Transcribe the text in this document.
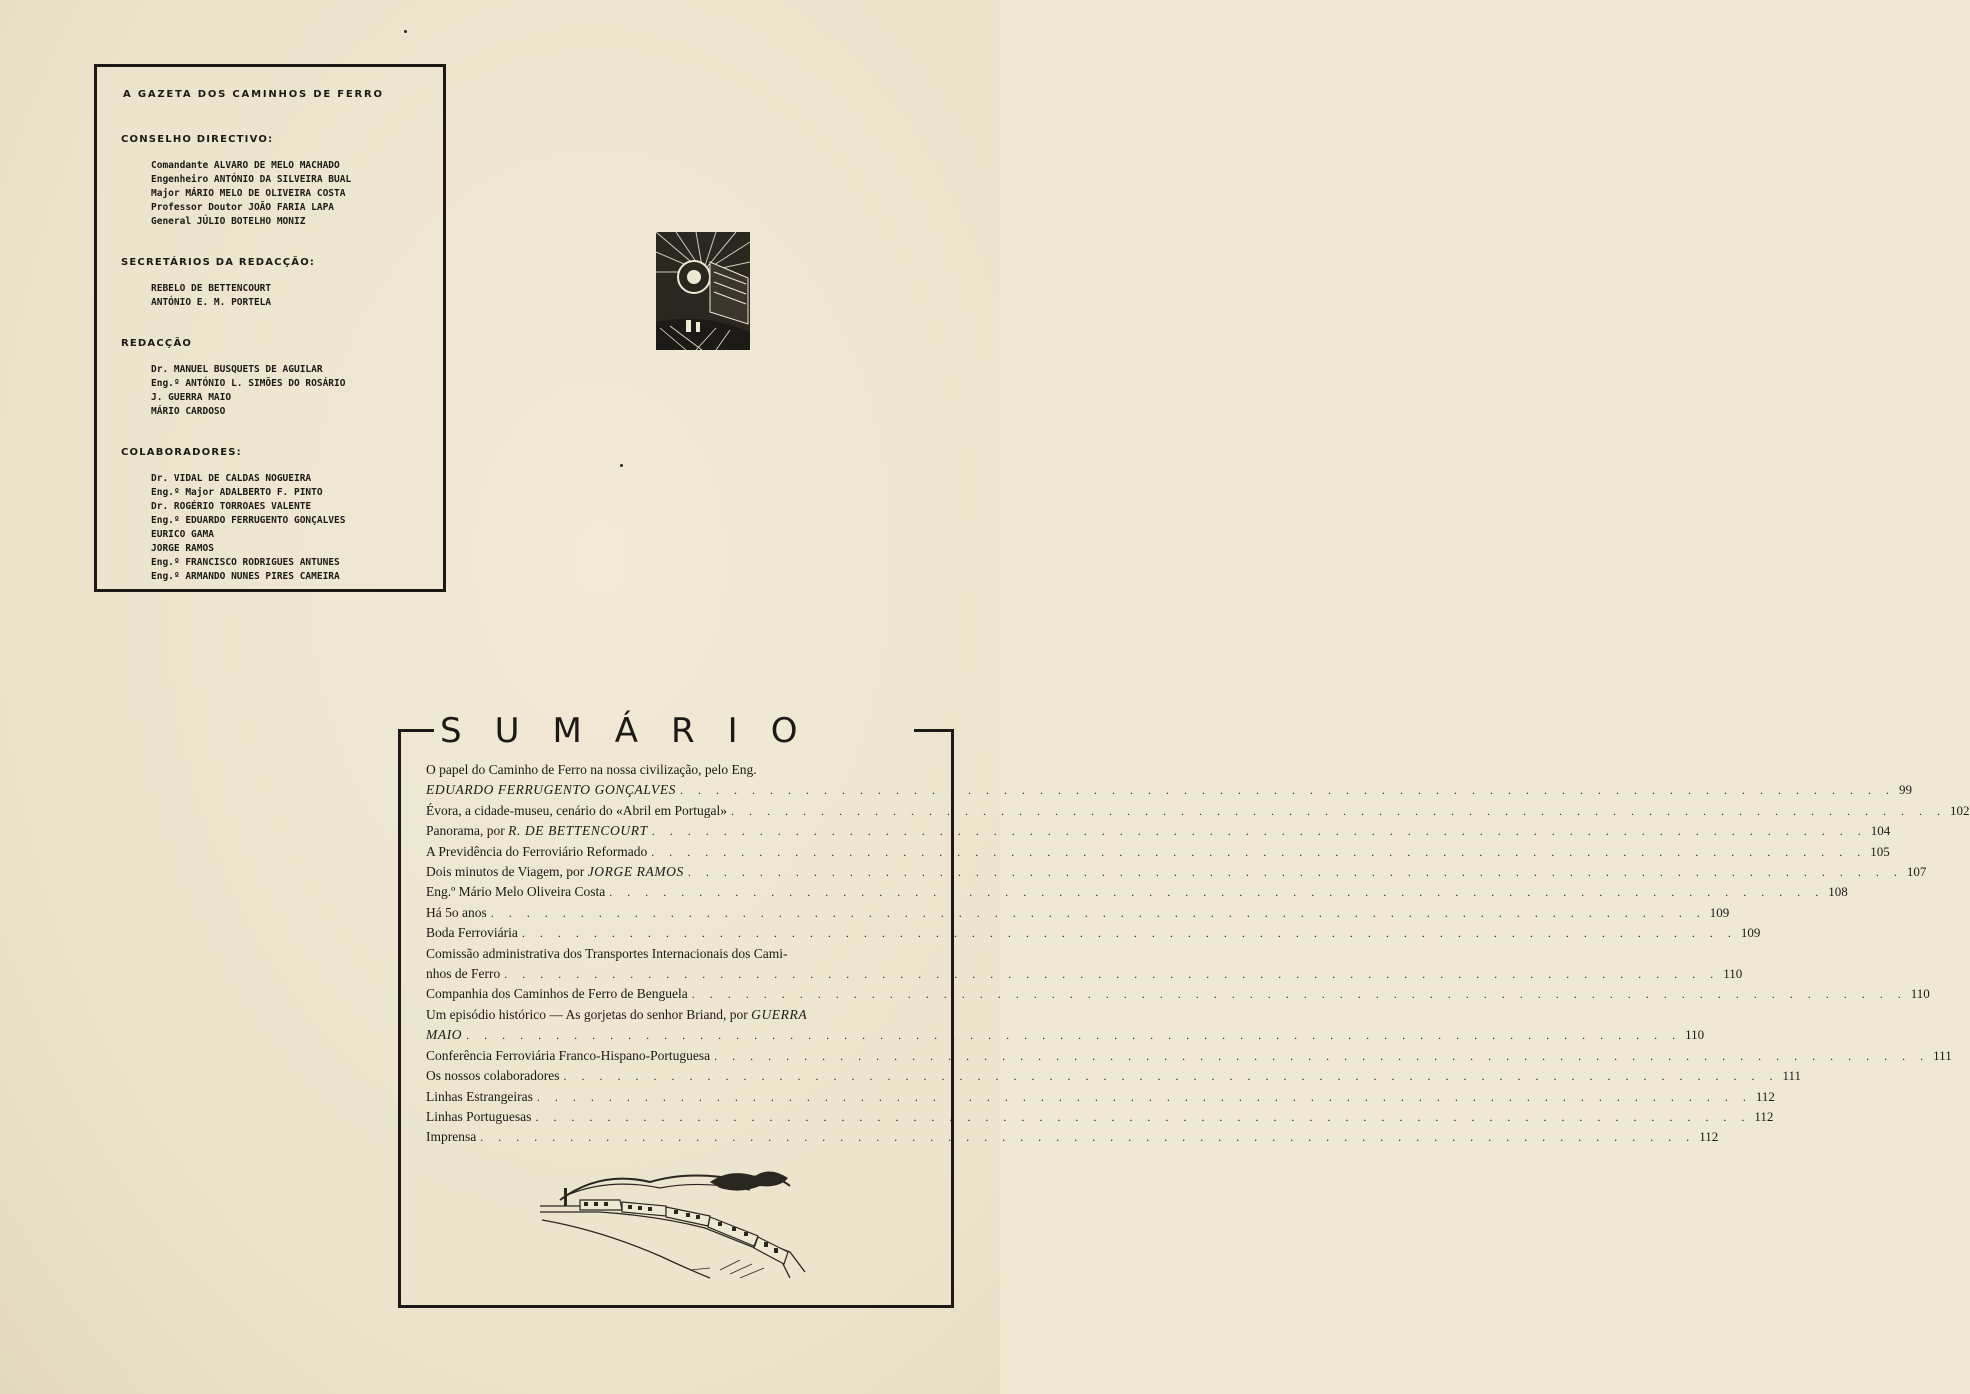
A GAZETA DOS CAMINHOS DE FERRO
CONSELHO DIRECTIVO:
Comandante ALVARO DE MELO MACHADO
Engenheiro ANTÓNIO DA SILVEIRA BUAL
Major MÁRIO MELO DE OLIVEIRA COSTA
Professor Doutor JOÃO FARIA LAPA
General JÚLIO BOTELHO MONIZ
SECRETÁRIOS DA REDACÇÃO:
REBELO DE BETTENCOURT
ANTÓNIO E. M. PORTELA
REDACÇÃO
Dr. MANUEL BUSQUETS DE AGUILAR
Eng.º ANTÓNIO L. SIMÕES DO ROSÁRIO
J. GUERRA MAIO
MÁRIO CARDOSO
COLABORADORES:
Dr. VIDAL DE CALDAS NOGUEIRA
Eng.º Major ADALBERTO F. PINTO
Dr. ROGÉRIO TORROAES VALENTE
Eng.º EDUARDO FERRUGENTO GONÇALVES
EURICO GAMA
JORGE RAMOS
Eng.º FRANCISCO RODRIGUES ANTUNES
Eng.º ARMANDO NUNES PIRES CAMEIRA
SUMÁRIO
O papel do Caminho de Ferro na nossa civilização, pelo Eng.
EDUARDO FERRUGENTO GONÇALVES . . . . . . . . . . . . . . . . . . . . . . . . . . . . . . . . . . . . . . . . . . . . . . . . . . . . . . . . . . . . . . . . . . . . 99
Évora, a cidade-museu, cenário do «Abril em Portugal» . . . . . . . . . . . . . . . . . . . . . . . . . . . . . . . . . . . . . . . . . . . . . . . . . . . . . . . . . . . . . . . . . . . . 102
Panorama, por R. DE BETTENCOURT . . . . . . . . . . . . . . . . . . . . . . . . . . . . . . . . . . . . . . . . . . . . . . . . . . . . . . . . . . . . . . . . . . . . 104
A Previdência do Ferroviário Reformado . . . . . . . . . . . . . . . . . . . . . . . . . . . . . . . . . . . . . . . . . . . . . . . . . . . . . . . . . . . . . . . . . . . . 105
Dois minutos de Viagem, por JORGE RAMOS . . . . . . . . . . . . . . . . . . . . . . . . . . . . . . . . . . . . . . . . . . . . . . . . . . . . . . . . . . . . . . . . . . . . 107
Eng.º Mário Melo Oliveira Costa . . . . . . . . . . . . . . . . . . . . . . . . . . . . . . . . . . . . . . . . . . . . . . . . . . . . . . . . . . . . . . . . . . . . 108
Há 5o anos . . . . . . . . . . . . . . . . . . . . . . . . . . . . . . . . . . . . . . . . . . . . . . . . . . . . . . . . . . . . . . . . . . . . 109
Boda Ferroviária . . . . . . . . . . . . . . . . . . . . . . . . . . . . . . . . . . . . . . . . . . . . . . . . . . . . . . . . . . . . . . . . . . . . 109
Comissão administrativa dos Transportes Internacionais dos Cami-
nhos de Ferro . . . . . . . . . . . . . . . . . . . . . . . . . . . . . . . . . . . . . . . . . . . . . . . . . . . . . . . . . . . . . . . . . . . . 110
Companhia dos Caminhos de Ferro de Benguela . . . . . . . . . . . . . . . . . . . . . . . . . . . . . . . . . . . . . . . . . . . . . . . . . . . . . . . . . . . . . . . . . . . . 110
Um episódio histórico — As gorjetas do senhor Briand, por GUERRA
MAIO . . . . . . . . . . . . . . . . . . . . . . . . . . . . . . . . . . . . . . . . . . . . . . . . . . . . . . . . . . . . . . . . . . . . 110
Conferência Ferroviária Franco-Hispano-Portuguesa . . . . . . . . . . . . . . . . . . . . . . . . . . . . . . . . . . . . . . . . . . . . . . . . . . . . . . . . . . . . . . . . . . . . 111
Os nossos colaboradores . . . . . . . . . . . . . . . . . . . . . . . . . . . . . . . . . . . . . . . . . . . . . . . . . . . . . . . . . . . . . . . . . . . . 111
Linhas Estrangeiras . . . . . . . . . . . . . . . . . . . . . . . . . . . . . . . . . . . . . . . . . . . . . . . . . . . . . . . . . . . . . . . . . . . . 112
Linhas Portuguesas . . . . . . . . . . . . . . . . . . . . . . . . . . . . . . . . . . . . . . . . . . . . . . . . . . . . . . . . . . . . . . . . . . . . 112
Imprensa . . . . . . . . . . . . . . . . . . . . . . . . . . . . . . . . . . . . . . . . . . . . . . . . . . . . . . . . . . . . . . . . . . . . 112
